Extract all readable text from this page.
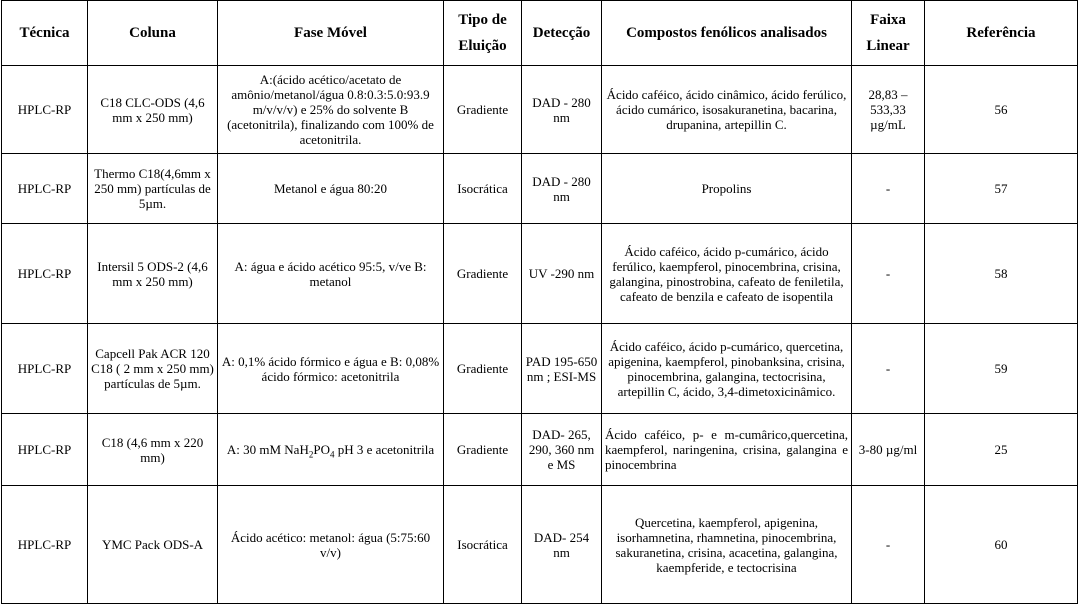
Técnica	Coluna	Fase Móvel	Tipo de Eluição	Detecção	Compostos fenólicos analisados	Faixa Linear	Referência
HPLC-RP	C18 CLC-ODS (4,6 mm x 250 mm)	A:(ácido acético/acetato de amônio/metanol/água 0.8:0.3:5.0:93.9 m/v/v/v) e 25% do solvente B (acetonitrila), finalizando com 100% de acetonitrila.	Gradiente	DAD - 280 nm	Ácido caféico, ácido cinâmico, ácido ferúlico, ácido cumárico, isosakuranetina, bacarina, drupanina, artepillin C.	28,83 – 533,33 µg/mL	56
HPLC-RP	Thermo C18(4,6mm x 250 mm) partículas de 5µm.	Metanol e água 80:20	Isocrática	DAD - 280 nm	Propolins	-	57
HPLC-RP	Intersil 5 ODS-2 (4,6 mm x 250 mm)	A: água e ácido acético 95:5, v/ve B: metanol	Gradiente	UV -290 nm	Ácido caféico, ácido p-cumárico, ácido ferúlico, kaempferol, pinocembrina, crisina, galangina, pinostrobina, cafeato de feniletila, cafeato de benzila e cafeato de isopentila	-	58
HPLC-RP	Capcell Pak ACR 120 C18 ( 2 mm x 250 mm) partículas de 5µm.	A: 0,1% ácido fórmico e água e B: 0,08% ácido fórmico: acetonitrila	Gradiente	PAD 195-650 nm ; ESI-MS	Ácido caféico, ácido p-cumárico, quercetina, apigenina, kaempferol, pinobanksina, crisina, pinocembrina, galangina, tectocrisina, artepillin C, ácido, 3,4-dimetoxicinâmico.	-	59
HPLC-RP	C18 (4,6 mm x 220 mm)	A: 30 mM $NaH_2PO_4$ pH 3 e acetonitrila	Gradiente	DAD- 265, 290, 360 nm e MS	Ácido caféico, p- e m-cumârico,quercetina, kaempferol, naringenina, crisina, galangina e pinocembrina	3-80 µg/ml	25
HPLC-RP	YMC Pack ODS-A	Ácido acético: metanol: água (5:75:60 v/v)	Isocrática	DAD- 254 nm	Quercetina, kaempferol, apigenina, isorhamnetina, rhamnetina, pinocembrina, sakuranetina, crisina, acacetina, galangina, kaempferide, e tectocrisina	-	60
